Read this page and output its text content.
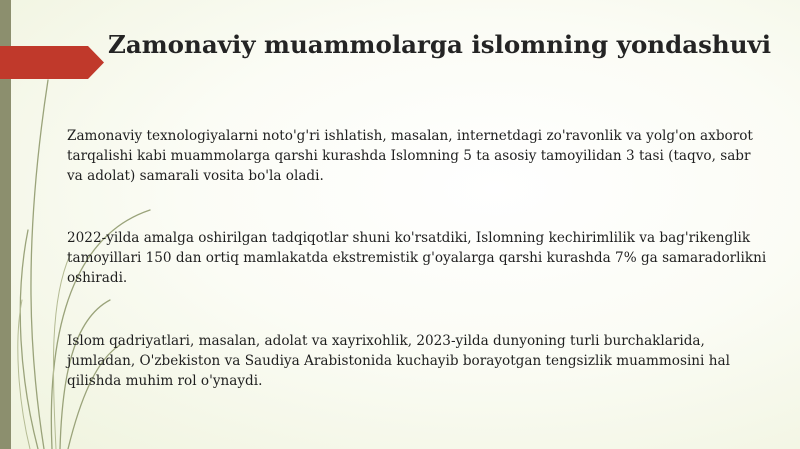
Zamonaviy muammolarga islomning yondashuvi

Zamonaviy texnologiyalarni noto'g'ri ishlatish, masalan, internetdagi zo'ravonlik va yolg'on axborot tarqalishi kabi muammolarga qarshi kurashda Islomning 5 ta asosiy tamoyilidan 3 tasi (taqvo, sabr va adolat) samarali vosita bo'la oladi.

2022-yilda amalga oshirilgan tadqiqotlar shuni ko'rsatdiki, Islomning kechirimlilik va bag'rikenglik tamoyillari 150 dan ortiq mamlakatda ekstremistik g'oyalarga qarshi kurashda 7% ga samaradorlikni oshiradi.

Islom qadriyatlari, masalan, adolat va xayrixohlik, 2023-yilda dunyoning turli burchaklarida, jumladan, O'zbekiston va Saudiya Arabistonida kuchayib borayotgan tengsizlik muammosini hal qilishda muhim rol o'ynaydi.
